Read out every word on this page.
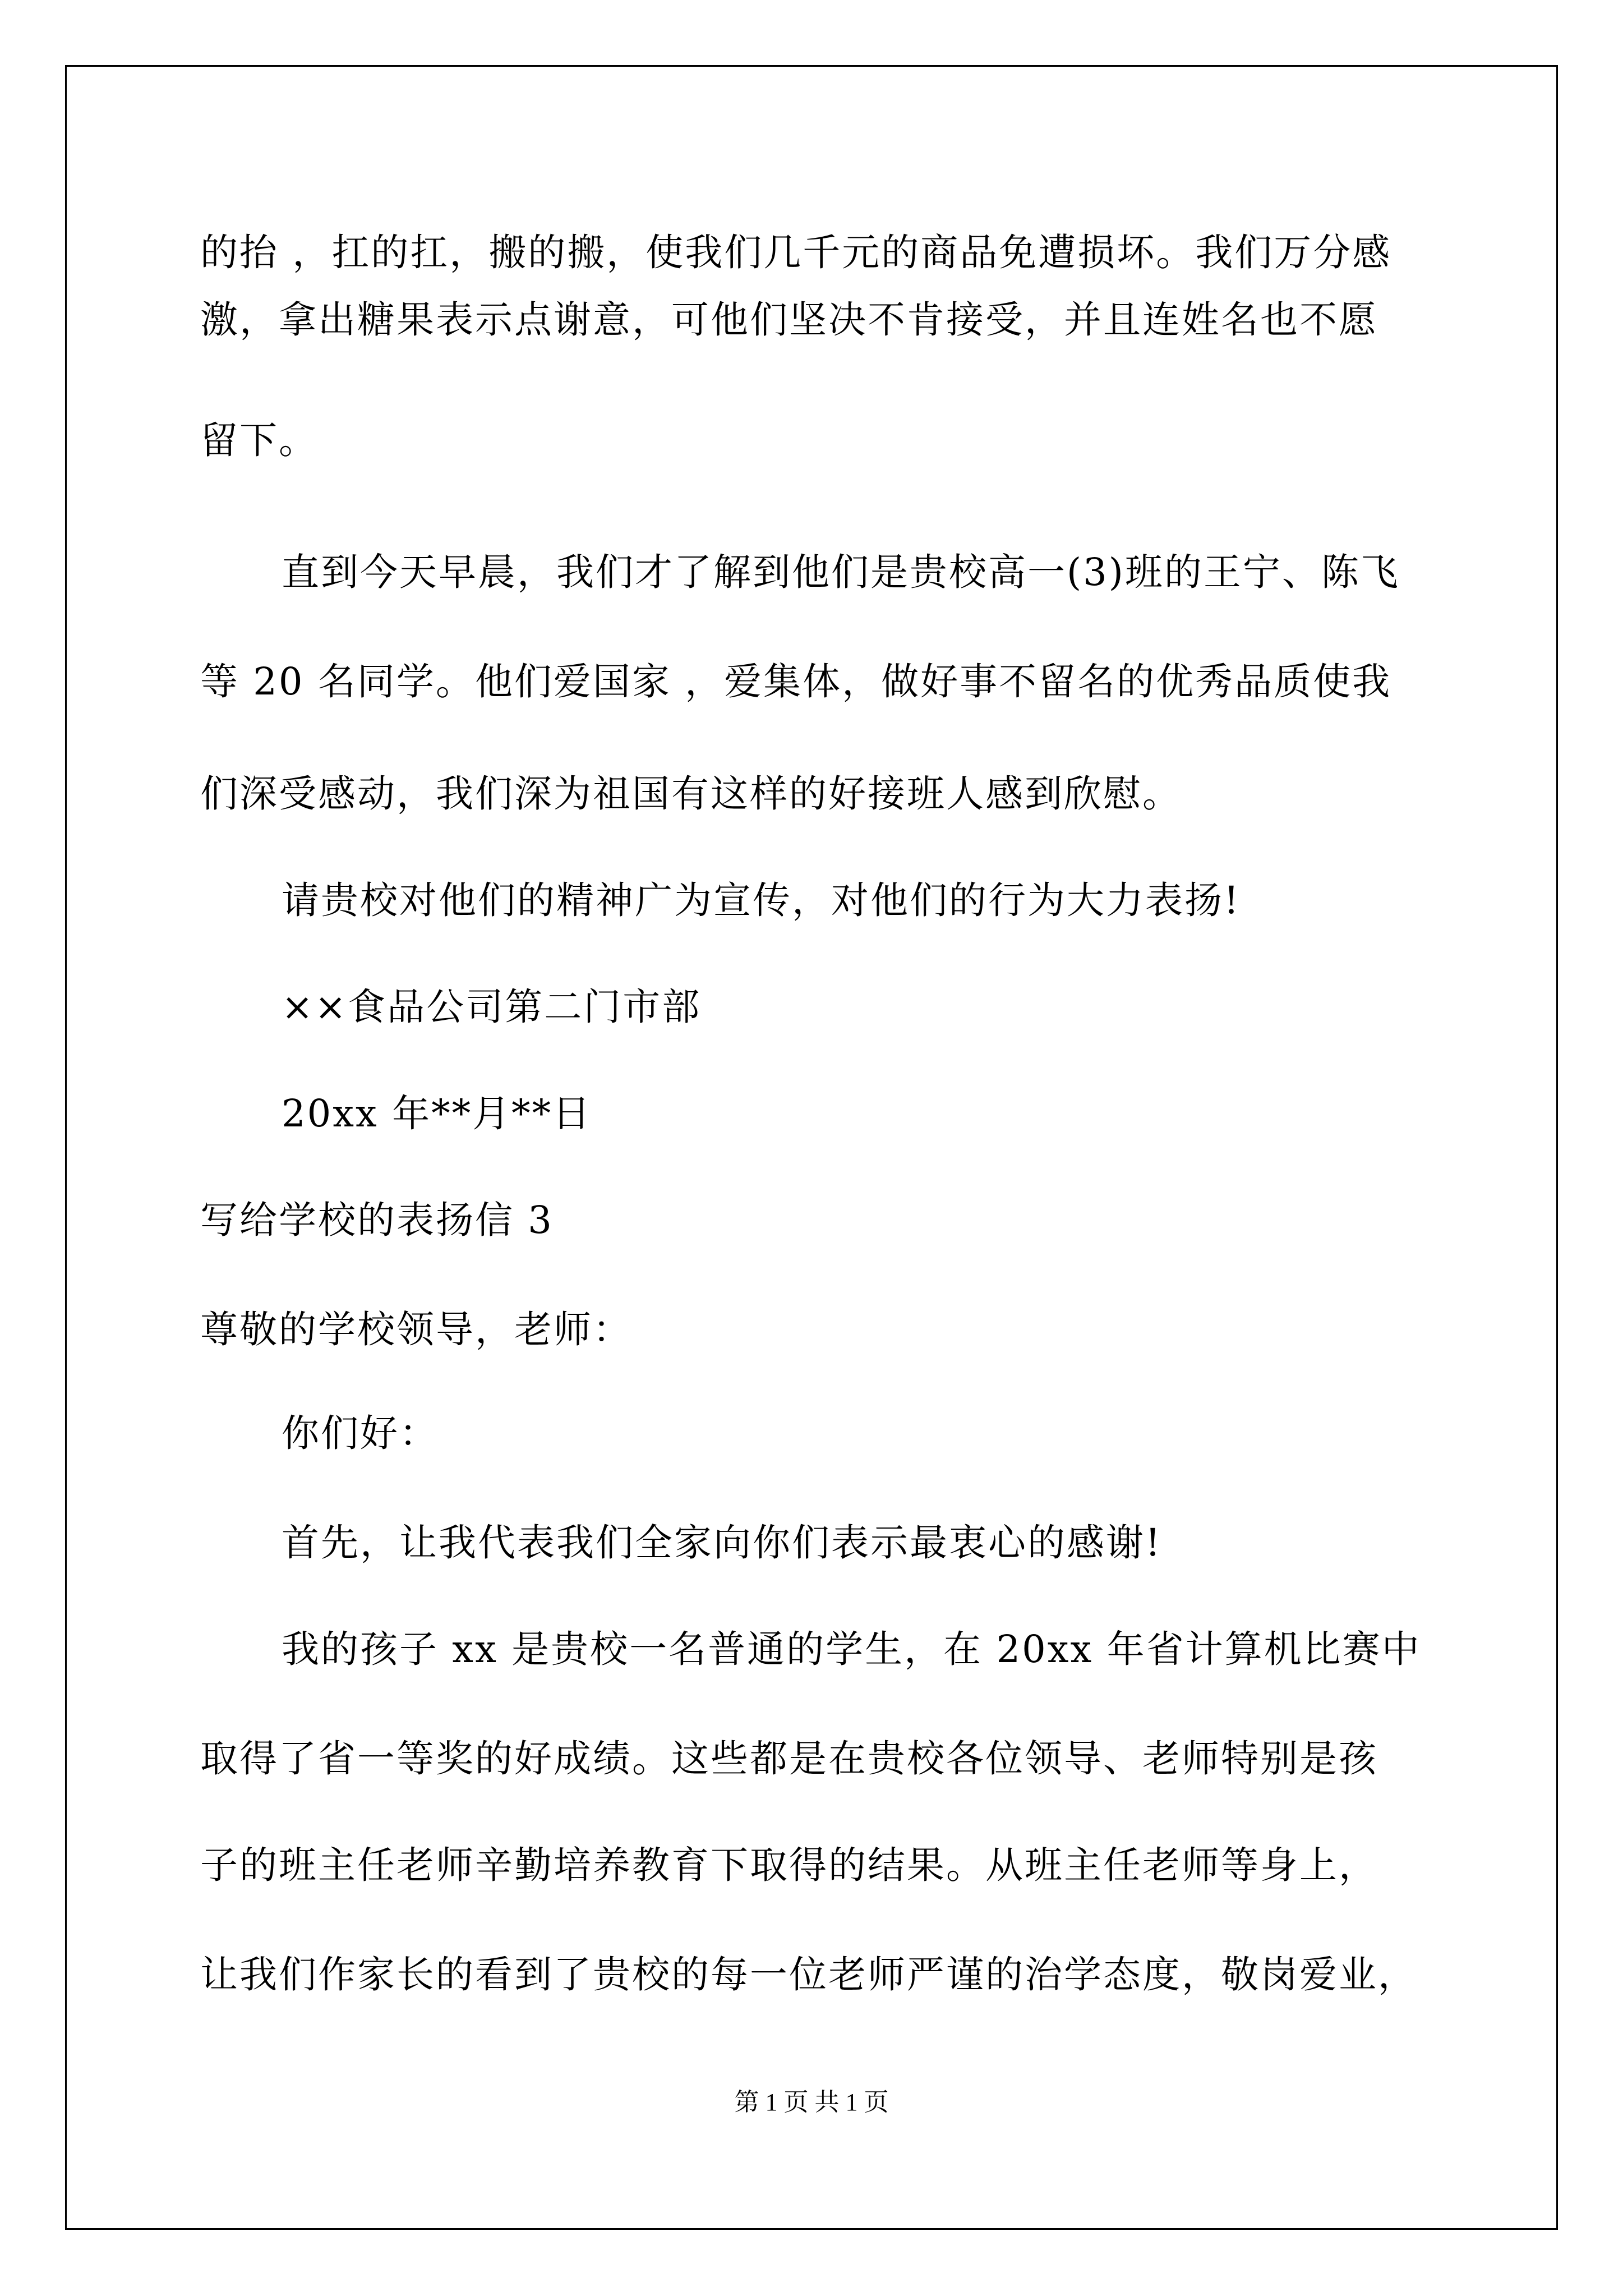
的抬 ，扛的扛，搬的搬，使我们几千元的商品免遭损坏。我们万分感
激，拿出糖果表示点谢意，可他们坚决不肯接受，并且连姓名也不愿
留下。
直到今天早晨，我们才了解到他们是贵校高一(3)班的王宁、陈飞
等 20 名同学。他们爱国家 ，爱集体，做好事不留名的优秀品质使我
们深受感动，我们深为祖国有这样的好接班人感到欣慰。
请贵校对他们的精神广为宣传，对他们的行为大力表扬!
××食品公司第二门市部
20xx 年**月**日
写给学校的表扬信 3
尊敬的学校领导，老师：
你们好：
首先，让我代表我们全家向你们表示最衷心的感谢!
我的孩子 xx 是贵校一名普通的学生，在 20xx 年省计算机比赛中
取得了省一等奖的好成绩。这些都是在贵校各位领导、老师特别是孩
子的班主任老师辛勤培养教育下取得的结果。从班主任老师等身上，
让我们作家长的看到了贵校的每一位老师严谨的治学态度，敬岗爱业，
第 1 页 共 1 页
